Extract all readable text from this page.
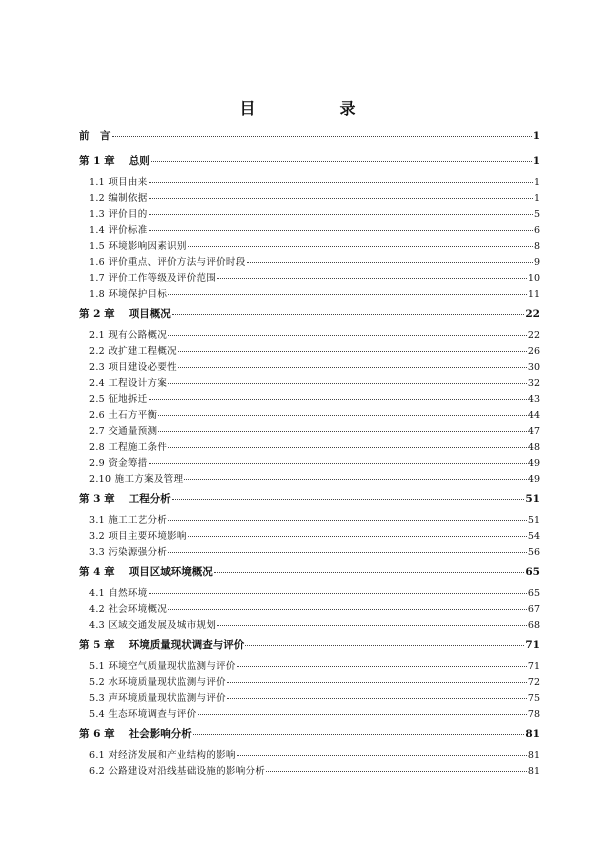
目　录
前　言	1
第 1 章　 总则	1
1.1 项目由来	1
1.2 编制依据	1
1.3 评价目的	5
1.4 评价标准	6
1.5 环境影响因素识别	8
1.6 评价重点、评价方法与评价时段	9
1.7 评价工作等级及评价范围	10
1.8 环境保护目标	11
第 2 章　 项目概况	22
2.1 现有公路概况	22
2.2 改扩建工程概况	26
2.3 项目建设必要性	30
2.4 工程设计方案	32
2.5 征地拆迁	43
2.6 土石方平衡	44
2.7 交通量预测	47
2.8 工程施工条件	48
2.9 资金筹措	49
2.10 施工方案及管理	49
第 3 章　 工程分析	51
3.1 施工工艺分析	51
3.2 项目主要环境影响	54
3.3 污染源强分析	56
第 4 章　 项目区域环境概况	65
4.1 自然环境	65
4.2 社会环境概况	67
4.3 区域交通发展及城市规划	68
第 5 章　 环境质量现状调查与评价	71
5.1 环境空气质量现状监测与评价	71
5.2 水环境质量现状监测与评价	72
5.3 声环境质量现状监测与评价	75
5.4 生态环境调查与评价	78
第 6 章　 社会影响分析	81
6.1 对经济发展和产业结构的影响	81
6.2 公路建设对沿线基础设施的影响分析	81
